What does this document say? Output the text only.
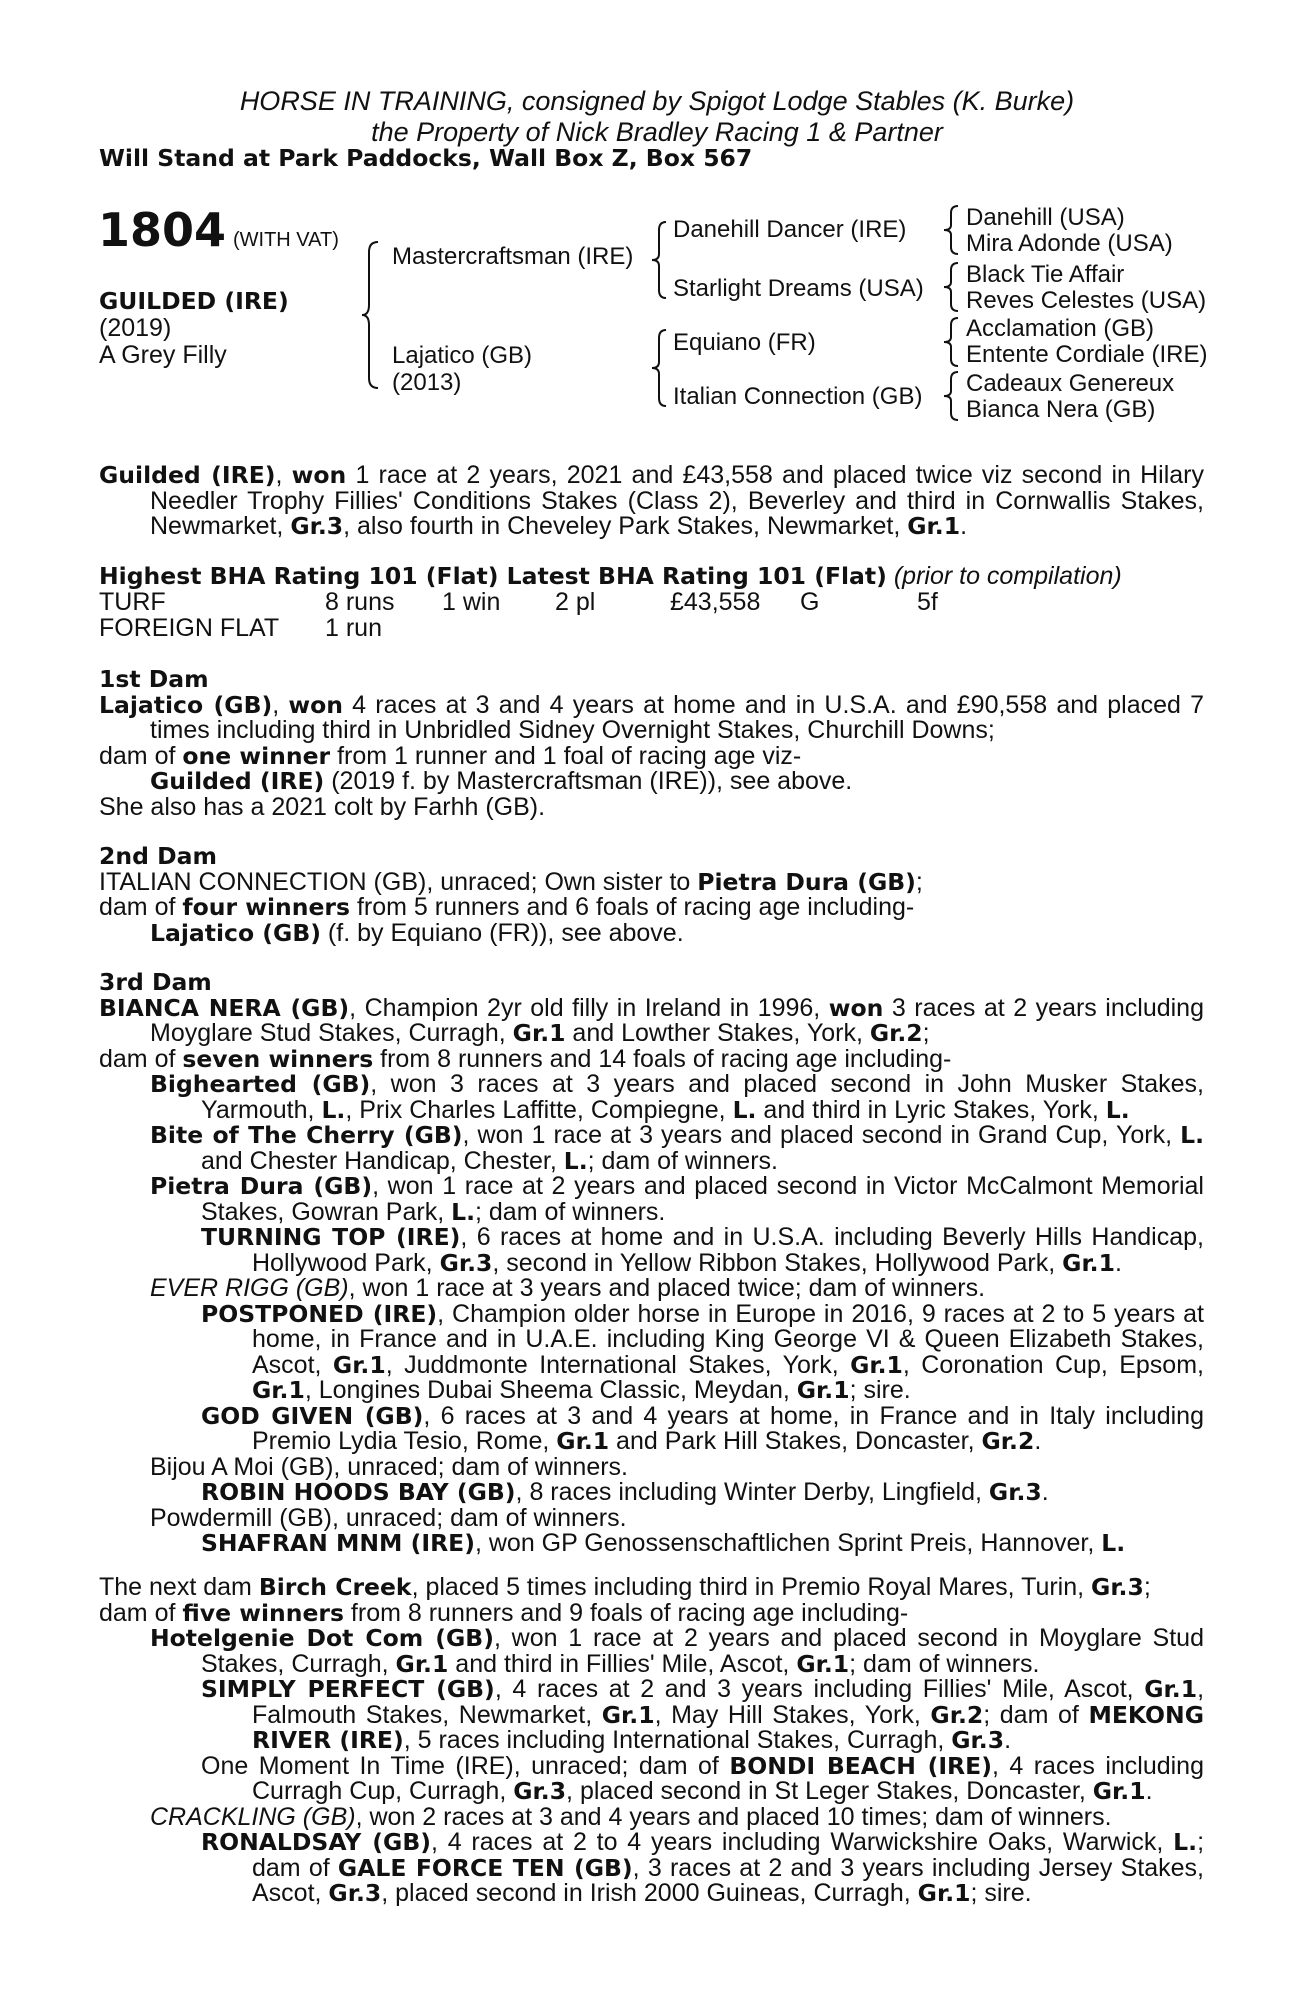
HORSE IN TRAINING, consigned by Spigot Lodge Stables (K. Burke)
the Property of Nick Bradley Racing 1 & Partner
Will Stand at Park Paddocks, Wall Box Z, Box 567
1804 (WITH VAT)
GUILDED (IRE)
(2019)
A Grey Filly
Mastercraftsman (IRE)
Lajatico (GB)
(2013)
Danehill Dancer (IRE)
Starlight Dreams (USA)
Equiano (FR)
Italian Connection (GB)
Danehill (USA)
Mira Adonde (USA)
Black Tie Affair
Reves Celestes (USA)
Acclamation (GB)
Entente Cordiale (IRE)
Cadeaux Genereux
Bianca Nera (GB)
Guilded (IRE), won 1 race at 2 years, 2021 and £43,558 and placed twice viz second in Hilary Needler Trophy Fillies' Conditions Stakes (Class 2), Beverley and third in Cornwallis Stakes, Newmarket, Gr.3, also fourth in Cheveley Park Stakes, Newmarket, Gr.1.
Highest BHA Rating 101 (Flat) Latest BHA Rating 101 (Flat) (prior to compilation)
TURF	8 runs 1 win 2 pl	£43,558 G	5f
FOREIGN FLAT 1 run
1st Dam
Lajatico (GB), won 4 races at 3 and 4 years at home and in U.S.A. and £90,558 and placed 7 times including third in Unbridled Sidney Overnight Stakes, Churchill Downs;
dam of one winner from 1 runner and 1 foal of racing age viz-
Guilded (IRE) (2019 f. by Mastercraftsman (IRE)), see above.
She also has a 2021 colt by Farhh (GB).
2nd Dam
ITALIAN CONNECTION (GB), unraced; Own sister to Pietra Dura (GB);
dam of four winners from 5 runners and 6 foals of racing age including-
Lajatico (GB) (f. by Equiano (FR)), see above.
3rd Dam
BIANCA NERA (GB), Champion 2yr old filly in Ireland in 1996, won 3 races at 2 years including Moyglare Stud Stakes, Curragh, Gr.1 and Lowther Stakes, York, Gr.2;
dam of seven winners from 8 runners and 14 foals of racing age including-
Bighearted (GB), won 3 races at 3 years and placed second in John Musker Stakes, Yarmouth, L., Prix Charles Laffitte, Compiegne, L. and third in Lyric Stakes, York, L.
Bite of The Cherry (GB), won 1 race at 3 years and placed second in Grand Cup, York, L. and Chester Handicap, Chester, L.; dam of winners.
Pietra Dura (GB), won 1 race at 2 years and placed second in Victor McCalmont Memorial Stakes, Gowran Park, L.; dam of winners.
TURNING TOP (IRE), 6 races at home and in U.S.A. including Beverly Hills Handicap, Hollywood Park, Gr.3, second in Yellow Ribbon Stakes, Hollywood Park, Gr.1.
EVER RIGG (GB), won 1 race at 3 years and placed twice; dam of winners.
POSTPONED (IRE), Champion older horse in Europe in 2016, 9 races at 2 to 5 years at home, in France and in U.A.E. including King George VI & Queen Elizabeth Stakes, Ascot, Gr.1, Juddmonte International Stakes, York, Gr.1, Coronation Cup, Epsom, Gr.1, Longines Dubai Sheema Classic, Meydan, Gr.1; sire.
GOD GIVEN (GB), 6 races at 3 and 4 years at home, in France and in Italy including Premio Lydia Tesio, Rome, Gr.1 and Park Hill Stakes, Doncaster, Gr.2.
Bijou A Moi (GB), unraced; dam of winners.
ROBIN HOODS BAY (GB), 8 races including Winter Derby, Lingfield, Gr.3.
Powdermill (GB), unraced; dam of winners.
SHAFRAN MNM (IRE), won GP Genossenschaftlichen Sprint Preis, Hannover, L.
The next dam Birch Creek, placed 5 times including third in Premio Royal Mares, Turin, Gr.3;
dam of five winners from 8 runners and 9 foals of racing age including-
Hotelgenie Dot Com (GB), won 1 race at 2 years and placed second in Moyglare Stud Stakes, Curragh, Gr.1 and third in Fillies' Mile, Ascot, Gr.1; dam of winners.
SIMPLY PERFECT (GB), 4 races at 2 and 3 years including Fillies' Mile, Ascot, Gr.1, Falmouth Stakes, Newmarket, Gr.1, May Hill Stakes, York, Gr.2; dam of MEKONG RIVER (IRE), 5 races including International Stakes, Curragh, Gr.3.
One Moment In Time (IRE), unraced; dam of BONDI BEACH (IRE), 4 races including Curragh Cup, Curragh, Gr.3, placed second in St Leger Stakes, Doncaster, Gr.1.
CRACKLING (GB), won 2 races at 3 and 4 years and placed 10 times; dam of winners.
RONALDSAY (GB), 4 races at 2 to 4 years including Warwickshire Oaks, Warwick, L.; dam of GALE FORCE TEN (GB), 3 races at 2 and 3 years including Jersey Stakes, Ascot, Gr.3, placed second in Irish 2000 Guineas, Curragh, Gr.1; sire.
